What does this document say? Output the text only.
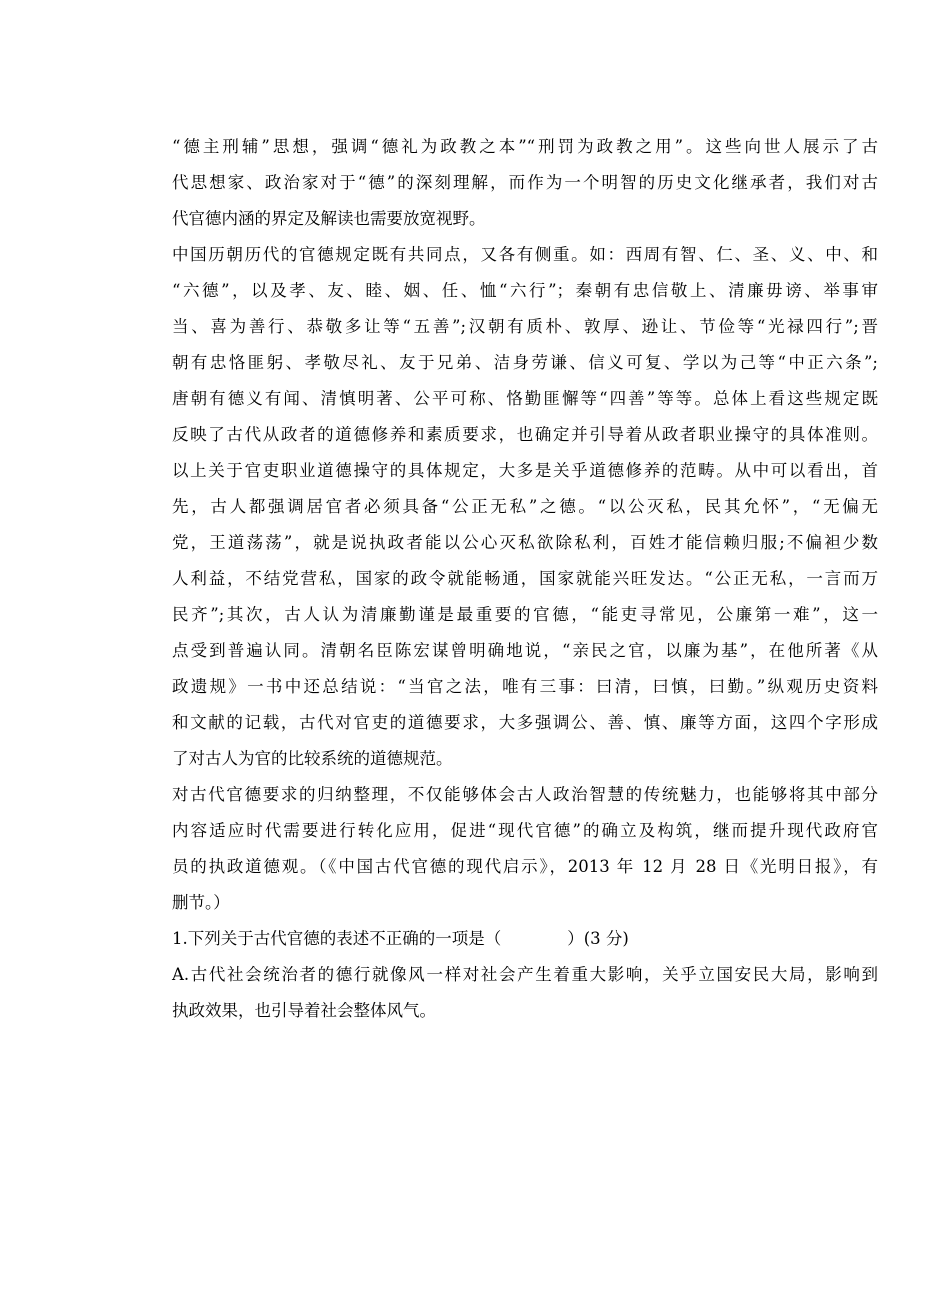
“德主刑辅”思想，强调“德礼为政教之本”“刑罚为政教之用”。这些向世人展示了古
代思想家、政治家对于“德”的深刻理解，而作为一个明智的历史文化继承者，我们对古
代官德内涵的界定及解读也需要放宽视野。
中国历朝历代的官德规定既有共同点，又各有侧重。如：西周有智、仁、圣、义、中、和
“六德”，以及孝、友、睦、姻、任、恤“六行”；秦朝有忠信敬上、清廉毋谤、举事审
当、喜为善行、恭敬多让等“五善”;汉朝有质朴、敦厚、逊让、节俭等“光禄四行”;晋
朝有忠恪匪躬、孝敬尽礼、友于兄弟、洁身劳谦、信义可复、学以为己等“中正六条”;
唐朝有德义有闻、清慎明著、公平可称、恪勤匪懈等“四善”等等。总体上看这些规定既
反映了古代从政者的道德修养和素质要求，也确定并引导着从政者职业操守的具体准则。
以上关于官吏职业道德操守的具体规定，大多是关乎道德修养的范畴。从中可以看出，首
先，古人都强调居官者必须具备“公正无私”之德。“以公灭私，民其允怀”，“无偏无
党，王道荡荡”，就是说执政者能以公心灭私欲除私利，百姓才能信赖归服;不偏袒少数
人利益，不结党营私，国家的政令就能畅通，国家就能兴旺发达。“公正无私，一言而万
民齐”;其次，古人认为清廉勤谨是最重要的官德，“能吏寻常见，公廉第一难”，这一
点受到普遍认同。清朝名臣陈宏谋曾明确地说，“亲民之官，以廉为基”，在他所著《从
政遗规》一书中还总结说：“当官之法，唯有三事：曰清，曰慎，曰勤。”纵观历史资料
和文献的记载，古代对官吏的道德要求，大多强调公、善、慎、廉等方面，这四个字形成
了对古人为官的比较系统的道德规范。
对古代官德要求的归纳整理，不仅能够体会古人政治智慧的传统魅力，也能够将其中部分
内容适应时代需要进行转化应用，促进“现代官德”的确立及构筑，继而提升现代政府官
员的执政道德观。（《中国古代官德的现代启示》，2013 年 12 月 28 日《光明日报》，有
删节。）
1.下列关于古代官德的表述不正确的一项是（　　　　）(3 分)
A.古代社会统治者的德行就像风一样对社会产生着重大影响，关乎立国安民大局，影响到
执政效果，也引导着社会整体风气。
